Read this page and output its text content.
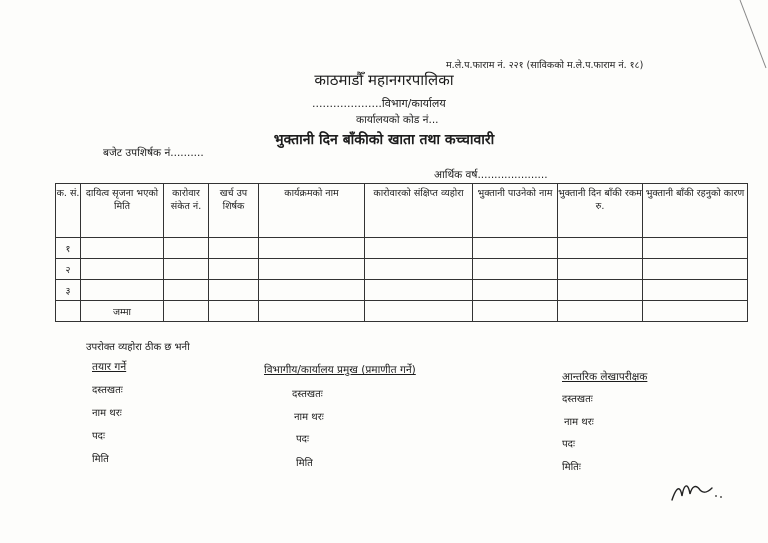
म.ले.प.फाराम नं. २२१ (साविकको म.ले.प.फाराम नं. १८)
काठमाडौँ महानगरपालिका
....................विभाग/कार्यालय
कार्यालयको कोड नं...
भुक्तानी दिन बाँकीको खाता तथा कच्चावारी
बजेट उपशिर्षक नं..........
आर्थिक वर्ष.....................
क. सं.	दायित्व सृजना भएको मिति	कारोवार संकेत नं.	खर्च उप शिर्षक	कार्यक्रमको नाम	कारोवारको संक्षिप्त व्यहोरा	भुक्तानी पाउनेको नाम	भुक्तानी दिन बाँकी रकम रु.	भुक्तानी बाँकी रहनुको कारण
१								
२								
३								
	जम्मा							
उपरोक्त व्यहोरा ठीक छ भनी
तयार गर्ने
दस्तखतः
नाम थरः
पदः
मिति
विभागीय/कार्यालय प्रमुख (प्रमाणीत गर्ने)
दस्तखतः
नाम थरः
पदः
मिति
आन्तरिक लेखापरीक्षक
दस्तखतः
नाम थरः
पदः
मितिः
